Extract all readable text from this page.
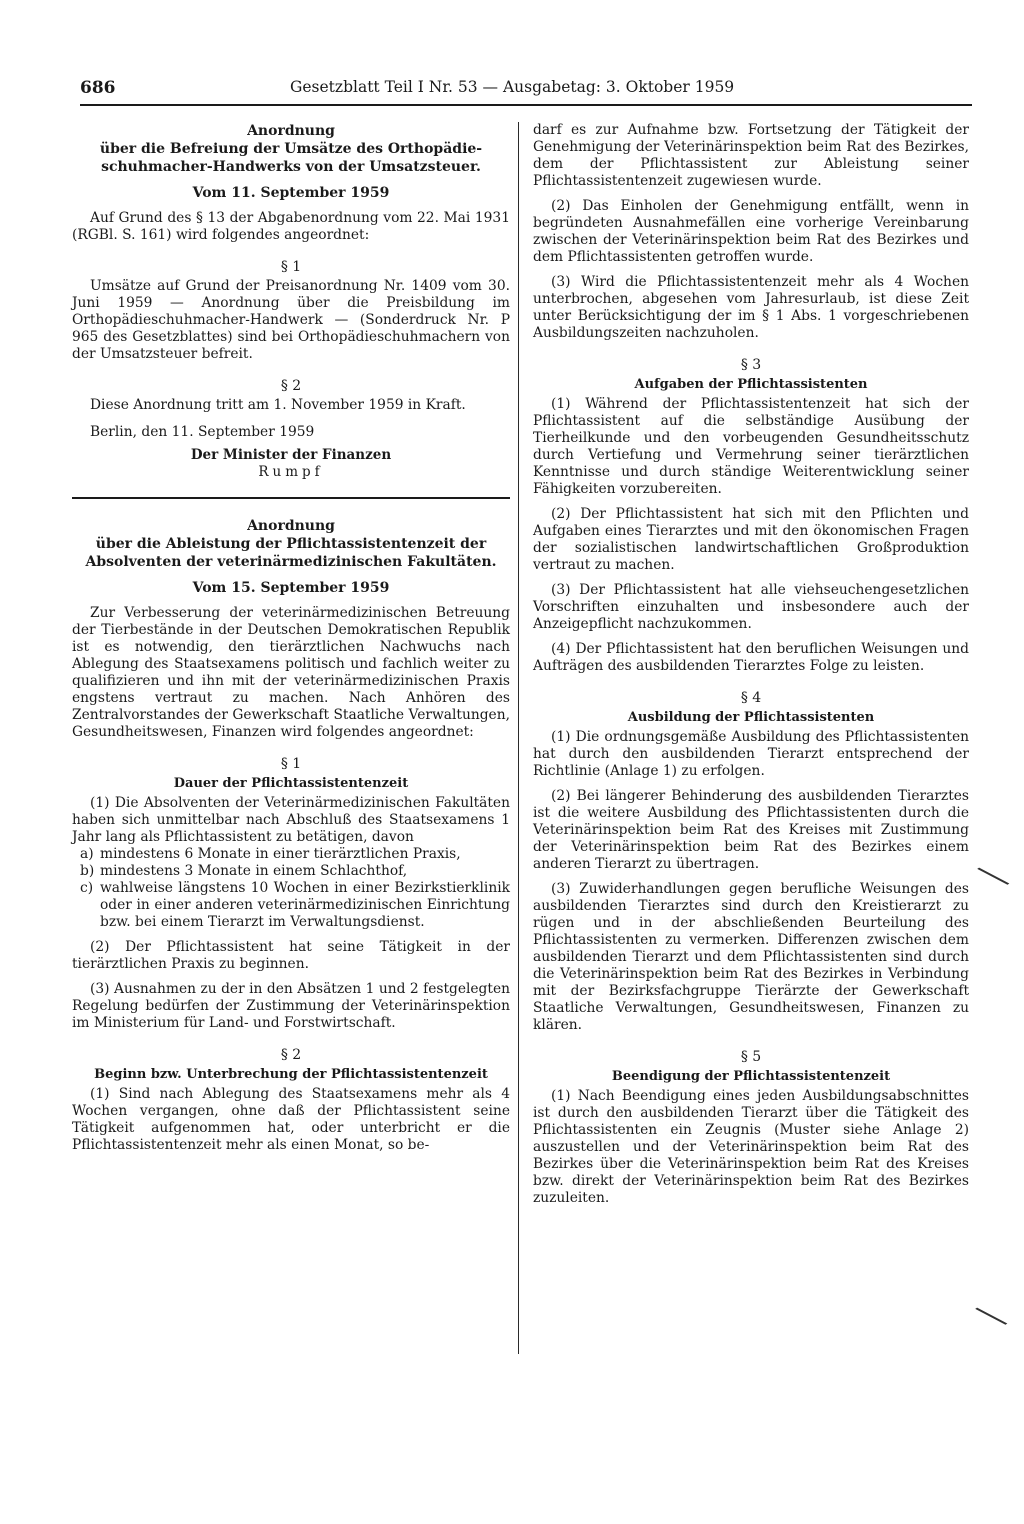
686	Gesetzblatt Teil I Nr. 53 — Ausgabetag: 3. Oktober 1959
Anordnung
über die Befreiung der Umsätze des Orthopädie-
schuhmacher-Handwerks von der Umsatzsteuer.
Vom 11. September 1959

Auf Grund des § 13 der Abgabenordnung vom 22. Mai 1931 (RGBl. S. 161) wird folgendes angeordnet:

§ 1

Umsätze auf Grund der Preisanordnung Nr. 1409 vom 30. Juni 1959 — Anordnung über die Preisbildung im Orthopädieschuhmacher-Handwerk — (Sonderdruck Nr. P 965 des Gesetzblattes) sind bei Orthopädieschuhmachern von der Umsatzsteuer befreit.

§ 2

Diese Anordnung tritt am 1. November 1959 in Kraft.

Berlin, den 11. September 1959
Der Minister der Finanzen
Rumpf
Anordnung
über die Ableistung der Pflichtassistentenzeit der
Absolventen der veterinärmedizinischen Fakultäten.
Vom 15. September 1959

Zur Verbesserung der veterinärmedizinischen Betreuung der Tierbestände in der Deutschen Demokratischen Republik ist es notwendig, den tierärztlichen Nachwuchs nach Ablegung des Staatsexamens politisch und fachlich weiter zu qualifizieren und ihn mit der veterinärmedizinischen Praxis engstens vertraut zu machen. Nach Anhören des Zentralvorstandes der Gewerkschaft Staatliche Verwaltungen, Gesundheitswesen, Finanzen wird folgendes angeordnet:

§ 1
Dauer der Pflichtassistentenzeit

(1) Die Absolventen der Veterinärmedizinischen Fakultäten haben sich unmittelbar nach Abschluß des Staatsexamens 1 Jahr lang als Pflichtassistent zu betätigen, davon

a) mindestens 6 Monate in einer tierärztlichen Praxis,
b) mindestens 3 Monate in einem Schlachthof,
c) wahlweise längstens 10 Wochen in einer Bezirkstierklinik oder in einer anderen veterinärmedizinischen Einrichtung bzw. bei einem Tierarzt im Verwaltungsdienst.

(2) Der Pflichtassistent hat seine Tätigkeit in der tierärztlichen Praxis zu beginnen.

(3) Ausnahmen zu der in den Absätzen 1 und 2 festgelegten Regelung bedürfen der Zustimmung der Veterinärinspektion im Ministerium für Land- und Forstwirtschaft.

§ 2
Beginn bzw. Unterbrechung der Pflichtassistentenzeit

(1) Sind nach Ablegung des Staatsexamens mehr als 4 Wochen vergangen, ohne daß der Pflichtassistent seine Tätigkeit aufgenommen hat, oder unterbricht er die Pflichtassistentenzeit mehr als einen Monat, so be-

darf es zur Aufnahme bzw. Fortsetzung der Tätigkeit der Genehmigung der Veterinärinspektion beim Rat des Bezirkes, dem der Pflichtassistent zur Ableistung seiner Pflichtassistentenzeit zugewiesen wurde.

(2) Das Einholen der Genehmigung entfällt, wenn in begründeten Ausnahmefällen eine vorherige Vereinbarung zwischen der Veterinärinspektion beim Rat des Bezirkes und dem Pflichtassistenten getroffen wurde.

(3) Wird die Pflichtassistentenzeit mehr als 4 Wochen unterbrochen, abgesehen vom Jahresurlaub, ist diese Zeit unter Berücksichtigung der im § 1 Abs. 1 vorgeschriebenen Ausbildungszeiten nachzuholen.

§ 3
Aufgaben der Pflichtassistenten

(1) Während der Pflichtassistentenzeit hat sich der Pflichtassistent auf die selbständige Ausübung der Tierheilkunde und den vorbeugenden Gesundheitsschutz durch Vertiefung und Vermehrung seiner tierärztlichen Kenntnisse und durch ständige Weiterentwicklung seiner Fähigkeiten vorzubereiten.

(2) Der Pflichtassistent hat sich mit den Pflichten und Aufgaben eines Tierarztes und mit den ökonomischen Fragen der sozialistischen landwirtschaftlichen Großproduktion vertraut zu machen.

(3) Der Pflichtassistent hat alle viehseuchengesetzlichen Vorschriften einzuhalten und insbesondere auch der Anzeigepflicht nachzukommen.

(4) Der Pflichtassistent hat den beruflichen Weisungen und Aufträgen des ausbildenden Tierarztes Folge zu leisten.

§ 4
Ausbildung der Pflichtassistenten

(1) Die ordnungsgemäße Ausbildung des Pflichtassistenten hat durch den ausbildenden Tierarzt entsprechend der Richtlinie (Anlage 1) zu erfolgen.

(2) Bei längerer Behinderung des ausbildenden Tierarztes ist die weitere Ausbildung des Pflichtassistenten durch die Veterinärinspektion beim Rat des Kreises mit Zustimmung der Veterinärinspektion beim Rat des Bezirkes einem anderen Tierarzt zu übertragen.

(3) Zuwiderhandlungen gegen berufliche Weisungen des ausbildenden Tierarztes sind durch den Kreistierarzt zu rügen und in der abschließenden Beurteilung des Pflichtassistenten zu vermerken. Differenzen zwischen dem ausbildenden Tierarzt und dem Pflichtassistenten sind durch die Veterinärinspektion beim Rat des Bezirkes in Verbindung mit der Bezirksfachgruppe Tierärzte der Gewerkschaft Staatliche Verwaltungen, Gesundheitswesen, Finanzen zu klären.

§ 5
Beendigung der Pflichtassistentenzeit

(1) Nach Beendigung eines jeden Ausbildungsabschnittes ist durch den ausbildenden Tierarzt über die Tätigkeit des Pflichtassistenten ein Zeugnis (Muster siehe Anlage 2) auszustellen und der Veterinärinspektion beim Rat des Bezirkes über die Veterinärinspektion beim Rat des Kreises bzw. direkt der Veterinärinspektion beim Rat des Bezirkes zuzuleiten.

╲
╲
